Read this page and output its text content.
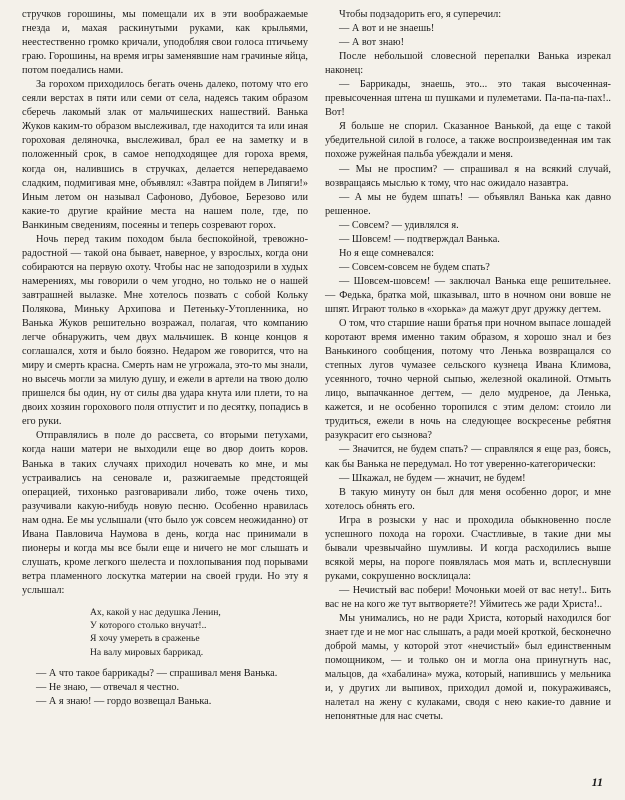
стручков горошины, мы помещали их в эти воображаемые гнезда и, махая раскинутыми руками, как крыльями, неестественно громко кричали, уподобляя свои голоса птичьему граю. Горошины, на время игры заменявшие нам грачиные яйца, потом поедались нами.

За горохом приходилось бегать очень далеко, потому что его сеяли верстах в пяти или семи от села, надеясь таким образом сберечь лакомый злак от мальчишеских нашествий. Ванька Жуков каким-то образом выслеживал, где находится та или иная гороховая деляночка, выслеживал, брал ее на заметку и в положенный срок, в самое неподходящее для гороха время, когда он, налившись в стручках, делается непередаваемо сладким, подмигивая мне, объявлял: «Завтра пойдем в Липяги!» Иным летом он называл Сафоново, Дубовое, Березово или какие-то другие крайние места на нашем поле, где, по Ванкиным сведениям, посеяны и теперь созревают горох.

Ночь перед таким походом была беспокойной, тревожно-радостной — такой она бывает, наверное, у взрослых, когда они собираются на первую охоту. Чтобы нас не заподозрили в худых намерениях, мы говорили о чем угодно, но только не о нашей завтрашней вылазке. Мне хотелось позвать с собой Кольку Полякова, Миньку Архипова и Петеньку-Утопленника, но Ванька Жуков решительно возражал, полагая, что компанию легче обнаружить, чем двух мальчишек. В конце концов я соглашался, хотя и было боязно. Недаром же говорится, что на миру и смерть красна. Смерть нам не угрожала, это-то мы знали, но высечь могли за милую душу, и ежели в артели на твою долю пришелся бы один, ну от силы два удара кнута или плети, то на двоих хозяин горохового поля отпустит и по десятку, попадись в его руки.

Отправлялись в поле до рассвета, со вторыми петухами, когда наши матери не выходили еще во двор доить коров. Ванька в таких случаях приходил ночевать ко мне, и мы устраивались на сеновале и, разжигаемые предстоящей операцией, тихонько разговаривали либо, тоже очень тихо, разучивали какую-нибудь новую песню. Особенно нравилась нам одна. Ее мы услышали (что было уж совсем неожиданно) от Ивана Павловича Наумова в день, когда нас принимали в пионеры и когда мы все были еще и ничего не мог слышать и слушать, кроме легкого шелеста и похлопывания под порывами ветра пламенного лоскутка материи на своей груди. Но эту я услышал:

Ах, какой у нас дедушка Ленин,
У которого столько внучат!..
Я хочу умереть в сраженье
На валу мировых баррикад.

— А что такое баррикады? — спрашивал меня Ванька.

— Не знаю, — отвечал я честно.

— А я знаю! — гордо возвещал Ванька.

Чтобы подзадорить его, я суперечил:

— А вот и не знаешь!

— А вот знаю!

После небольшой словесной перепалки Ванька изрекал наконец:

— Баррикады, знаешь, это... это такая высоченная-превысоченная штена ш пушками и пулеметами. Па-па-па-пах!.. Вот!

Я больше не спорил. Сказанное Ванькой, да еще с такой убедительной силой в голосе, а также воспроизведенная им так похоже ружейная пальба убеждали и меня.

— Мы не проспим? — спрашивал я на всякий случай, возвращаясь мыслью к тому, что нас ожидало назавтра.

— А мы не будем шпать! — объявлял Ванька как давно решенное.

— Совсем? — удивлялся я.

— Шовсем! — подтверждал Ванька.

Но я еще сомневался:

— Совсем-совсем не будем спать?

— Шовсем-шовсем! — заключал Ванька еще решительнее. — Федька, братка мой, шказывал, што в ночном они вовше не шпят. Играют только в «хорька» да мажут друг дружку дегтем.

О том, что старшие наши братья при ночном выпасе лошадей коротают время именно таким образом, я хорошо знал и без Ванькиного сообщения, потому что Ленька возвращался со степных лугов чумазее сельского кузнеца Ивана Климова, усеянного, точно черной сыпью, железной окалиной. Отмыть лицо, выпачканное дегтем, — дело мудреное, да Ленька, кажется, и не особенно торопился с этим делом: стоило ли трудиться, ежели в ночь на следующее воскресенье ребятня разукрасит его сызнова?

— Значится, не будем спать? — справлялся я еще раз, боясь, как бы Ванька не передумал. Но тот уверенно-категорически:

— Шкажал, не будем — жначит, не будем!

В такую минуту он был для меня особенно дорог, и мне хотелось обнять его.

Игра в розыски у нас и проходила обыкновенно после успешного похода на горохи. Счастливые, в такие дни мы бывали чрезвычайно шумливы. И когда расходились выше всякой меры, на пороге появлялась моя мать и, всплеснувши руками, сокрушенно восклицала:

— Нечистый вас побери! Мочоньки моей от вас нету!.. Бить вас не на кого же тут вытворяете?! Уймитесь же ради Христа!..

Мы унимались, но не ради Христа, который находился бог знает где и не мог нас слышать, а ради моей кроткой, бесконечно доброй мамы, у которой этот «нечистый» был единственным помощником, — и только он и могла она принугнуть нас, мальцов, да «хабалина» мужа, который, напившись у мельника и, у других ли выпивох, приходил домой и, покураживаясь, налетал на жену с кулаками, сводя с нею какие-то давние и непонятные для нас счеты.

11
